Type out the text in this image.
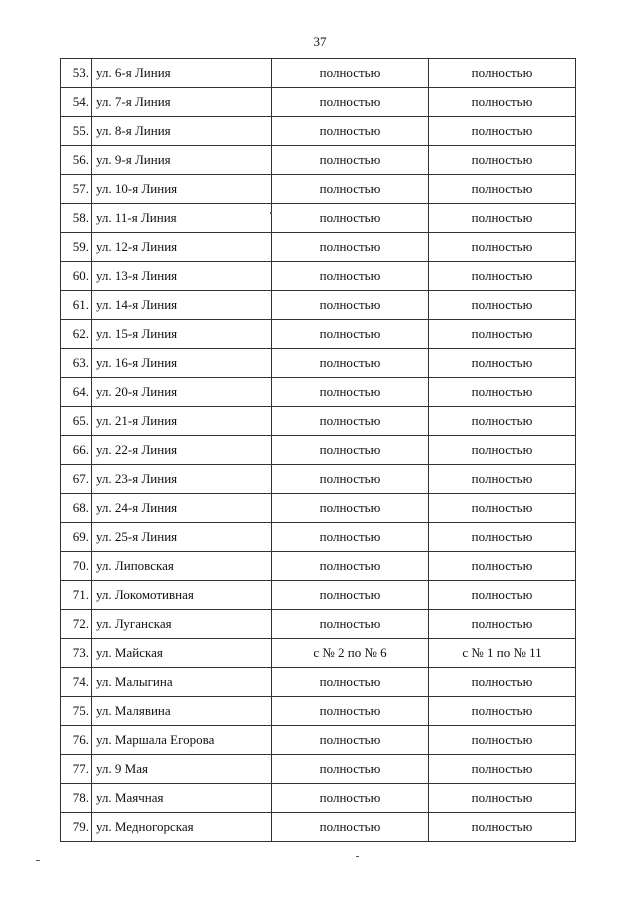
37
53.	ул. 6-я Линия	полностью	полностью
54.	ул. 7-я Линия	полностью	полностью
55.	ул. 8-я Линия	полностью	полностью
56.	ул. 9-я Линия	полностью	полностью
57.	ул. 10-я Линия	полностью	полностью
58.	ул. 11-я Линия	полностью	полностью
59.	ул. 12-я Линия	полностью	полностью
60.	ул. 13-я Линия	полностью	полностью
61.	ул. 14-я Линия	полностью	полностью
62.	ул. 15-я Линия	полностью	полностью
63.	ул. 16-я Линия	полностью	полностью
64.	ул. 20-я Линия	полностью	полностью
65.	ул. 21-я Линия	полностью	полностью
66.	ул. 22-я Линия	полностью	полностью
67.	ул. 23-я Линия	полностью	полностью
68.	ул. 24-я Линия	полностью	полностью
69.	ул. 25-я Линия	полностью	полностью
70.	ул. Липовская	полностью	полностью
71.	ул. Локомотивная	полностью	полностью
72.	ул. Луганская	полностью	полностью
73.	ул. Майская	с № 2 по № 6	с № 1 по № 11
74.	ул. Малыгина	полностью	полностью
75.	ул. Малявина	полностью	полностью
76.	ул. Маршала Егорова	полностью	полностью
77.	ул. 9 Мая	полностью	полностью
78.	ул. Маячная	полностью	полностью
79.	ул. Медногорская	полностью	полностью
